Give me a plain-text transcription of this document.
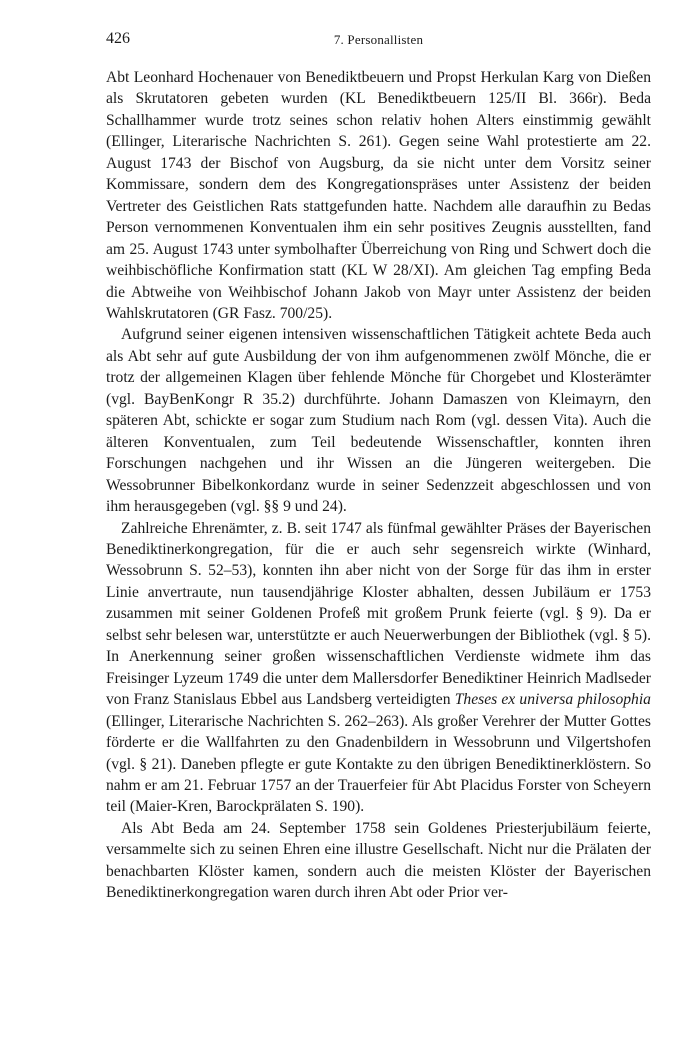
426	7. Personallisten

Abt Leonhard Hochenauer von Benediktbeuern und Propst Herkulan Karg von Dießen als Skrutatoren gebeten wurden (KL Benediktbeuern 125/II Bl. 366r). Beda Schallhammer wurde trotz seines schon relativ hohen Alters einstimmig gewählt (Ellinger, Literarische Nachrichten S. 261). Gegen seine Wahl protestierte am 22. August 1743 der Bischof von Augsburg, da sie nicht unter dem Vorsitz seiner Kommissare, sondern dem des Kongregationspräses unter Assistenz der beiden Vertreter des Geistlichen Rats stattgefunden hatte. Nachdem alle daraufhin zu Bedas Person vernommenen Konventualen ihm ein sehr positives Zeugnis ausstellten, fand am 25. August 1743 unter symbolhafter Überreichung von Ring und Schwert doch die weihbischöfliche Konfirmation statt (KL W 28/XI). Am gleichen Tag empfing Beda die Abtweihe von Weihbischof Johann Jakob von Mayr unter Assistenz der beiden Wahlskrutatoren (GR Fasz. 700/25).

Aufgrund seiner eigenen intensiven wissenschaftlichen Tätigkeit achtete Beda auch als Abt sehr auf gute Ausbildung der von ihm aufgenommenen zwölf Mönche, die er trotz der allgemeinen Klagen über fehlende Mönche für Chorgebet und Klosterämter (vgl. BayBenKongr R 35.2) durchführte. Johann Damaszen von Kleimayrn, den späteren Abt, schickte er sogar zum Studium nach Rom (vgl. dessen Vita). Auch die älteren Konventualen, zum Teil bedeutende Wissenschaftler, konnten ihren Forschungen nachgehen und ihr Wissen an die Jüngeren weitergeben. Die Wessobrunner Bibelkonkordanz wurde in seiner Sedenzzeit abgeschlossen und von ihm herausgegeben (vgl. §§ 9 und 24).

Zahlreiche Ehrenämter, z. B. seit 1747 als fünfmal gewählter Präses der Bayerischen Benediktinerkongregation, für die er auch sehr segensreich wirkte (Winhard, Wessobrunn S. 52–53), konnten ihn aber nicht von der Sorge für das ihm in erster Linie anvertraute, nun tausendjährige Kloster abhalten, dessen Jubiläum er 1753 zusammen mit seiner Goldenen Profeß mit großem Prunk feierte (vgl. § 9). Da er selbst sehr belesen war, unterstützte er auch Neuerwerbungen der Bibliothek (vgl. § 5). In Anerkennung seiner großen wissenschaftlichen Verdienste widmete ihm das Freisinger Lyzeum 1749 die unter dem Mallersdorfer Benediktiner Heinrich Madlseder von Franz Stanislaus Ebbel aus Landsberg verteidigten Theses ex universa philosophia (Ellinger, Literarische Nachrichten S. 262–263). Als großer Verehrer der Mutter Gottes förderte er die Wallfahrten zu den Gnadenbildern in Wessobrunn und Vilgertshofen (vgl. § 21). Daneben pflegte er gute Kontakte zu den übrigen Benediktinerklöstern. So nahm er am 21. Februar 1757 an der Trauerfeier für Abt Placidus Forster von Scheyern teil (Maier-Kren, Barockprälaten S. 190).

Als Abt Beda am 24. September 1758 sein Goldenes Priesterjubiläum feierte, versammelte sich zu seinen Ehren eine illustre Gesellschaft. Nicht nur die Prälaten der benachbarten Klöster kamen, sondern auch die meisten Klöster der Bayerischen Benediktinerkongregation waren durch ihren Abt oder Prior ver-
